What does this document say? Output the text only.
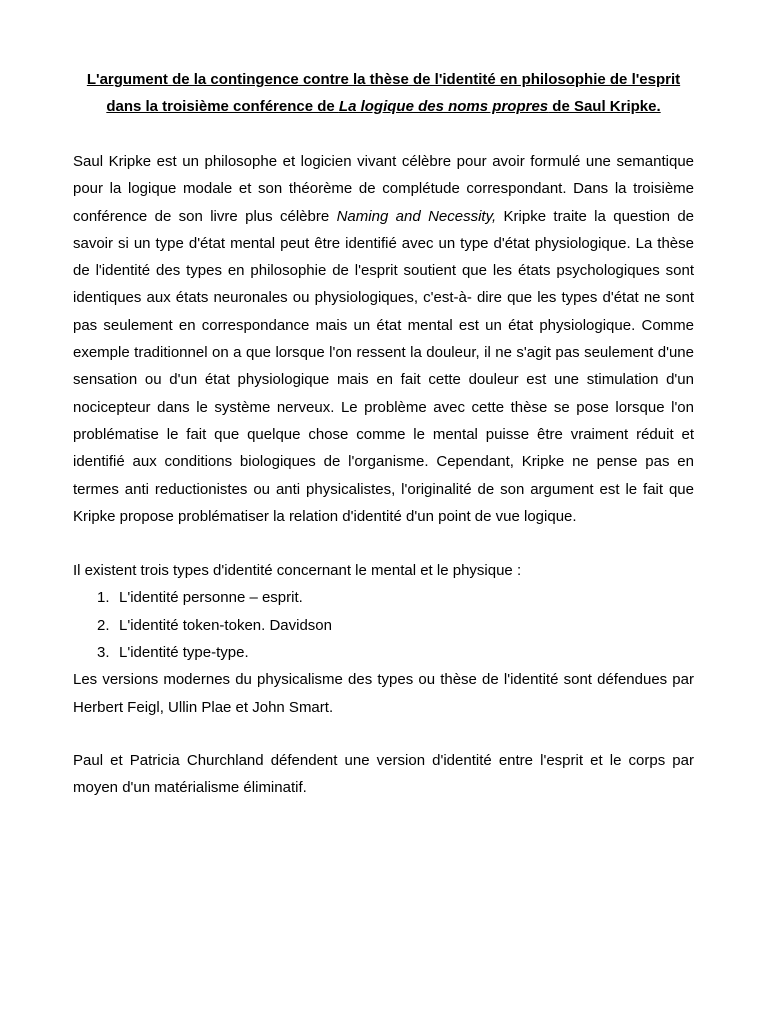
L'argument de la contingence contre la thèse de l'identité en philosophie de l'esprit dans la troisième conférence de La logique des noms propres de Saul Kripke.

Saul Kripke est un philosophe et logicien vivant célèbre pour avoir formulé une semantique pour la logique modale et son théorème de complétude correspondant. Dans la troisième conférence de son livre plus célèbre Naming and Necessity, Kripke traite la question de savoir si un type d'état mental peut être identifié avec un type d'état physiologique. La thèse de l'identité des types en philosophie de l'esprit soutient que les états psychologiques sont identiques aux états neuronales ou physiologiques, c'est-à- dire que les types d'état ne sont pas seulement en correspondance mais un état mental est un état physiologique. Comme exemple traditionnel on a que lorsque l'on ressent la douleur, il ne s'agit pas seulement d'une sensation ou d'un état physiologique mais en fait cette douleur est une stimulation d'un nocicepteur dans le système nerveux. Le problème avec cette thèse se pose lorsque l'on problématise le fait que quelque chose comme le mental puisse être vraiment réduit et identifié aux conditions biologiques de l'organisme. Cependant, Kripke ne pense pas en termes anti reductionistes ou anti physicalistes, l'originalité de son argument est le fait que Kripke propose problématiser la relation d'identité d'un point de vue logique.

Il existent trois types d'identité concernant le mental et le physique :

1. L'identité personne – esprit.
2. L'identité token-token. Davidson
3. L'identité type-type.

Les versions modernes du physicalisme des types ou thèse de l'identité sont défendues par Herbert Feigl, Ullin Plae et John Smart.

Paul et Patricia Churchland défendent une version d'identité entre l'esprit et le corps par moyen d'un matérialisme éliminatif.
